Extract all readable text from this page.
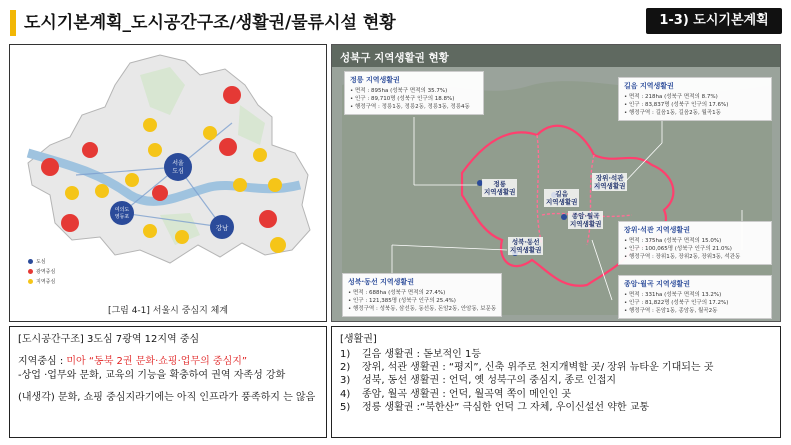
도시기본계획_도시공간구조/생활권/물류시설 현황	1-3) 도시기본계획
서울
도심
강남
여의도
영등포
도심
광역중심
지역중심
[그림 4-1] 서울시 중심지 체계
성북구 지역생활권 현황
정릉
지역생활권	길음
지역생활권
장위·석관
지역생활권
종암·월곡
지역생활권
성북·동선
지역생활권
정릉 지역생활권
• 면적 : 895ha (성북구 면적의 35.7%)
• 인구 : 89,710명 (성북구 인구의 18.8%)
• 행정구역 : 정릉1동, 정릉2동, 정릉3동, 정릉4동
길음 지역생활권
• 면적 : 218ha (성북구 면적의 8.7%)
• 인구 : 83,837명 (성북구 인구의 17.6%)
• 행정구역 : 길음1동, 길음2동, 월곡1동
장위·석관 지역생활권
• 면적 : 375ha (성북구 면적의 15.0%)
• 인구 : 100,065명 (성북구 인구의 21.0%)
• 행정구역 : 장위1동, 장위2동, 장위3동, 석관동
성북·동선 지역생활권
• 면적 : 688ha (성북구 면적의 27.4%)
• 인구 : 121,385명 (성북구 인구의 25.4%)
• 행정구역 : 성북동, 삼선동, 동선동, 돈암2동, 안암동, 보문동
종암·월곡 지역생활권
• 면적 : 331ha (성북구 면적의 13.2%)
• 인구 : 81,822명 (성북구 인구의 17.2%)
• 행정구역 : 돈암1동, 종암동, 월곡2동
[도시공간구조] 3도심 7광역 12지역 중심
지역중심 : 미아 “동북 2권 문화·쇼핑·업무의 중심지”
-상업 ·업무와 문화, 교육의 기능을 확충하여 권역 자족성 강화
(내생각) 문화, 쇼핑 중심지라기에는 아직 인프라가 풍족하지 는 않음
[생활권]
1) 길음 생활권 : 돋보적인 1등
2) 장위, 석관 생활권 : “평지”, 신축 위주로 천지개벽할 곳/ 장위 뉴타운 기대되는 곳
3) 성북, 동선 생활권 : 언덕, 옛 성북구의 중심지, 종로 인접지
4) 종암, 월곡 생활권 : 언덕, 월곡역 쪽이 메인인 곳
5) 정릉 생활권 :“북한산” 극심한 언덕 그 자체, 우이신설선 약한 교통
